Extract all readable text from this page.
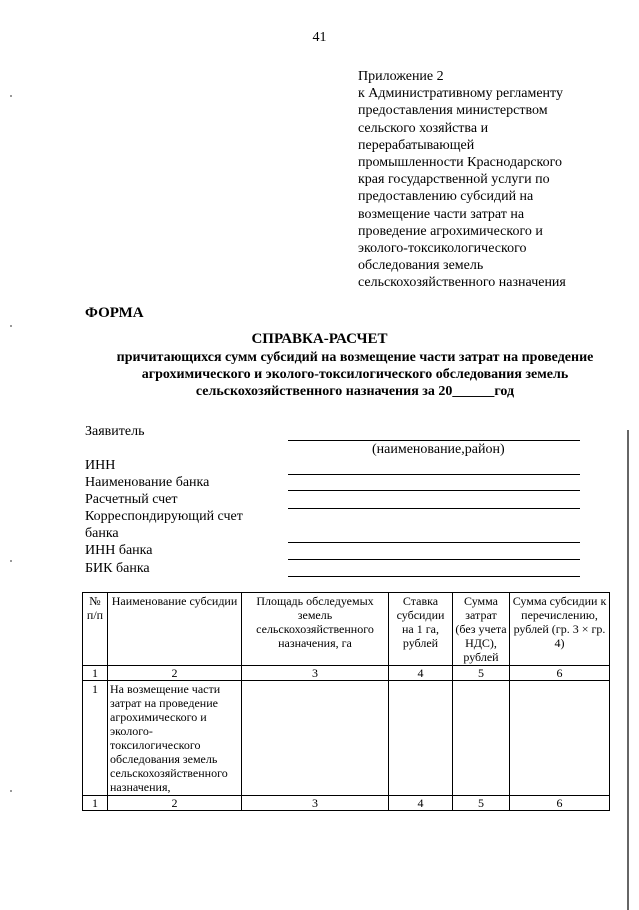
41
Приложение 2
к Административному регламенту
предоставления министерством
сельского хозяйства и
перерабатывающей
промышленности Краснодарского
края государственной услуги по
предоставлению субсидий на
возмещение части затрат на
проведение агрохимического и
эколого-токсикологического
обследования земель
сельскохозяйственного назначения
ФОРМА
СПРАВКА-РАСЧЕТ
причитающихся сумм субсидий на возмещение части затрат на проведение
агрохимического и эколого-токсилогического обследования земель
сельскохозяйственного назначения за 20______год
Заявитель
(наименование,район)
ИНН
Наименование банка
Расчетный счет
Корреспондирующий счет
банка
ИНН банка
БИК банка
№ п/п	Наименование субсидии	Площадь обследуемых земель сельскохозяйственного назначения, га	Ставка субсидии на 1 га, рублей	Сумма затрат (без учета НДС), рублей	Сумма субсидии к перечислению, рублей (гр. 3 × гр. 4)
1	2	3	4	5	6
1	На возмещение части затрат на проведение агрохимического и эколого-токсилогического обследования земель сельскохозяйственного назначения,				
1	2	3	4	5	6
